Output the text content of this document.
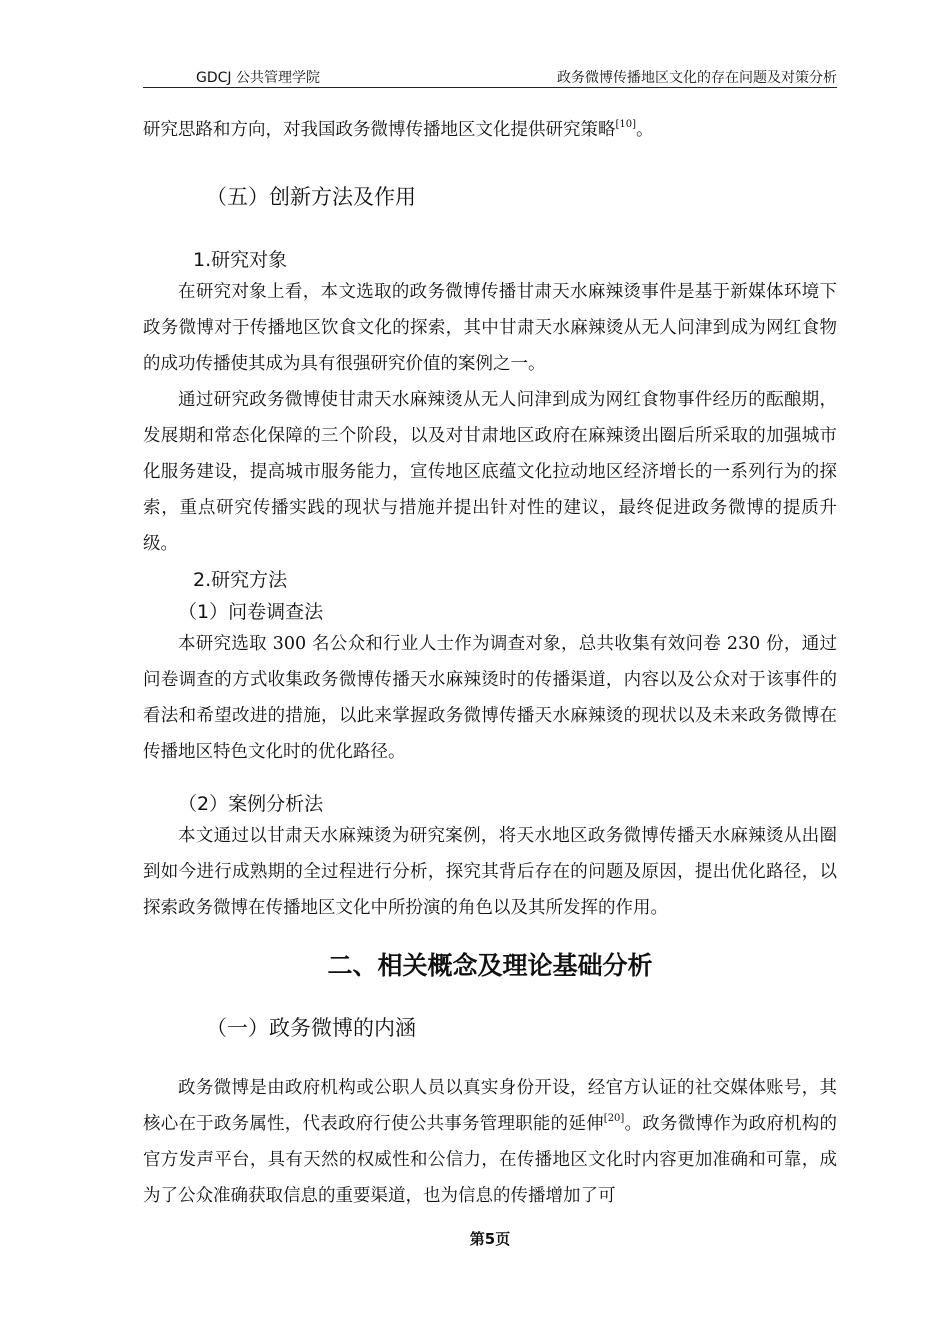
GDCJ 公共管理学院	政务微博传播地区文化的存在问题及对策分析

研究思路和方向，对我国政务微博传播地区文化提供研究策略[10]。

（五）创新方法及作用
1.研究对象

在研究对象上看，本文选取的政务微博传播甘肃天水麻辣烫事件是基于新媒体环境下政务微博对于传播地区饮食文化的探索，其中甘肃天水麻辣烫从无人问津到成为网红食物的成功传播使其成为具有很强研究价值的案例之一。

通过研究政务微博使甘肃天水麻辣烫从无人问津到成为网红食物事件经历的酝酿期，发展期和常态化保障的三个阶段，以及对甘肃地区政府在麻辣烫出圈后所采取的加强城市化服务建设，提高城市服务能力，宣传地区底蕴文化拉动地区经济增长的一系列行为的探索，重点研究传播实践的现状与措施并提出针对性的建议，最终促进政务微博的提质升级。

2.研究方法
（1）问卷调查法

本研究选取 300 名公众和行业人士作为调查对象，总共收集有效问卷 230 份，通过问卷调查的方式收集政务微博传播天水麻辣烫时的传播渠道，内容以及公众对于该事件的看法和希望改进的措施，以此来掌握政务微博传播天水麻辣烫的现状以及未来政务微博在传播地区特色文化时的优化路径。

（2）案例分析法

本文通过以甘肃天水麻辣烫为研究案例，将天水地区政务微博传播天水麻辣烫从出圈到如今进行成熟期的全过程进行分析，探究其背后存在的问题及原因，提出优化路径，以探索政务微博在传播地区文化中所扮演的角色以及其所发挥的作用。

二、相关概念及理论基础分析
（一）政务微博的内涵

政务微博是由政府机构或公职人员以真实身份开设，经官方认证的社交媒体账号，其核心在于政务属性，代表政府行使公共事务管理职能的延伸[20]。政务微博作为政府机构的官方发声平台，具有天然的权威性和公信力，在传播地区文化时内容更加准确和可靠，成为了公众准确获取信息的重要渠道，也为信息的传播增加了可

第5页
